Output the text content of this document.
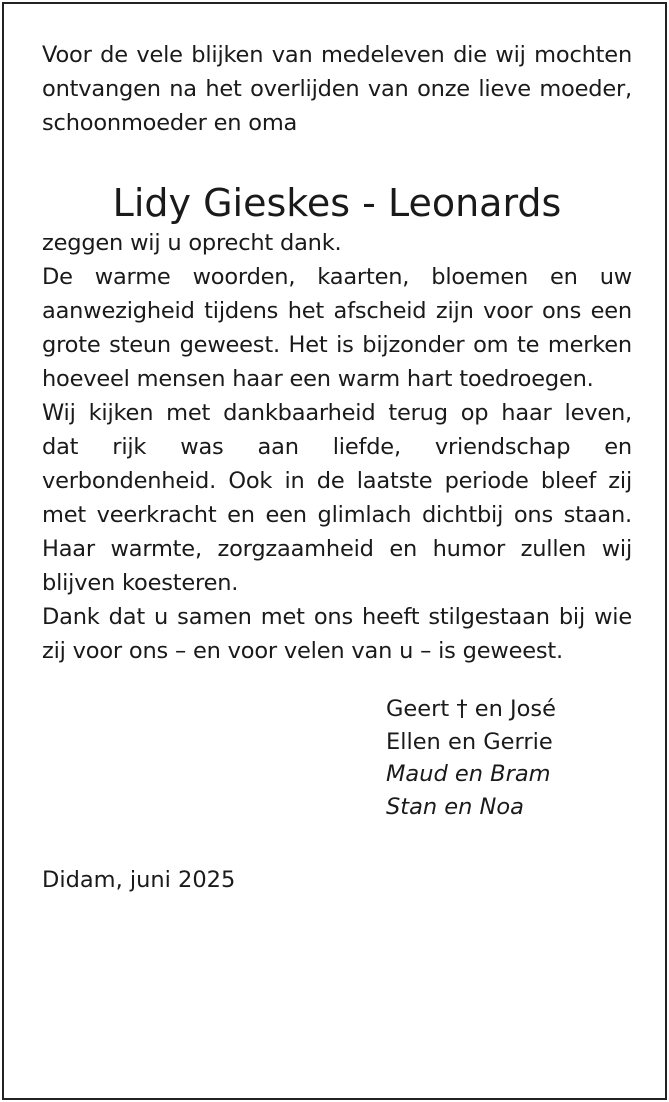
Voor de vele blijken van medeleven die wij mochten ontvangen na het overlijden van onze lieve moeder, schoonmoeder en oma

Lidy Gieskes - Leonards

zeggen wij u oprecht dank.

De warme woorden, kaarten, bloemen en uw aanwezigheid tijdens het afscheid zijn voor ons een grote steun geweest. Het is bijzonder om te merken hoeveel mensen haar een warm hart toedroegen.

Wij kijken met dankbaarheid terug op haar leven, dat rijk was aan liefde, vriendschap en verbondenheid. Ook in de laatste periode bleef zij met veerkracht en een glimlach dichtbij ons staan. Haar warmte, zorgzaamheid en humor zullen wij blijven koesteren.

Dank dat u samen met ons heeft stilgestaan bij wie zij voor ons – en voor velen van u – is geweest.

Geert † en José
Ellen en Gerrie
Maud en Bram
Stan en Noa
Didam, juni 2025
